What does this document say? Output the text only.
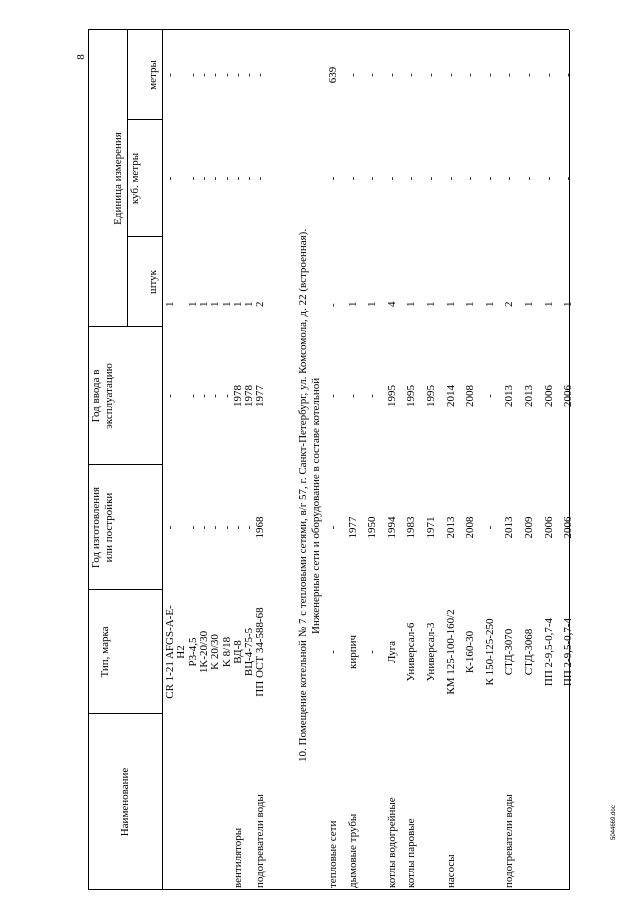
8
Наименование
Тип, марка
Год изготовления или постройки
Год ввода в эксплуатацию
Единица измерения
штук
куб. метры
метры
10. Помещение котельной № 7 с тепловыми сетями, в/г 57, г. Санкт-Петербург, ул. Комсомола, д. 22 (встроенная). Инженерные сети и оборудование в составе котельной
CR 1-21 AFGS-A-E-
-
-
1
-
-
H2 P3-4,5
-
-
1
-
-
1K-20/30
-
-
1
-
-
K 20/30
-
-
1
-
-
K 8/18
-
-
1
-
-
вентиляторы
ВД-8
-
1978
1
-
-
ВЦ-4-75-5
-
1978
1
-
-
подогреватели воды
ПП ОСТ 34-588-68
1968
1977
2
-
-
тепловые сети
-
-
-
-
-
639
дымовые трубы
кирпич
1977
-
1
-
-
-
1950
-
1
-
-
котлы водогрейные
Луга
1994
1995
4
-
-
котлы паровые
Универсал-6
1983
1995
1
-
-
Универсал-3
1971
1995
1
-
-
насосы
КМ 125-100-160/2
2013
2014
1
-
-
К-160-30
2008
2008
1
-
-
К 150-125-250
-
-
1
-
-
подогреватели воды
СТД-3070
2013
2013
2
-
-
СТД-3068
2009
2013
1
-
-
ПП 2-9,5-0,7-4
2006
2006
1
-
-
ПП 2-9,5-0,7-4
2006
2006
1
-
-
5044669.doc
